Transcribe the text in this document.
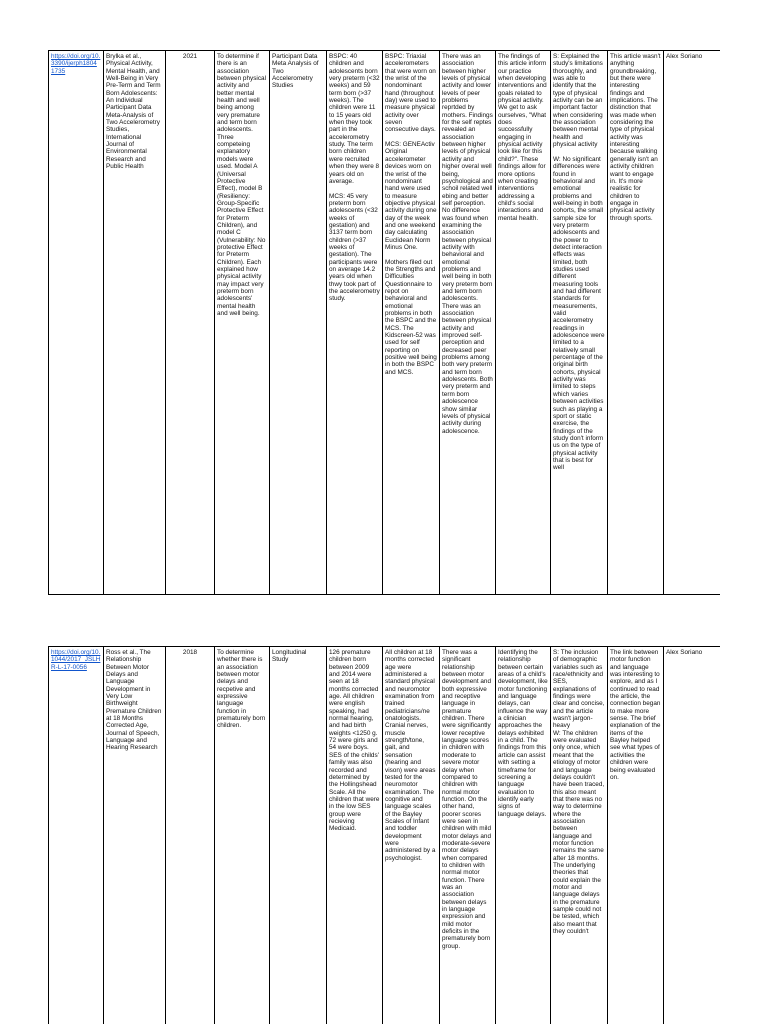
https://doi.org/10.3390/ijerph1804 1735	Brylka et al., Physical Activity, Mental Health, and Well-Being in Very Pre-Term and Term Born Adolescents: An Individual Participant Data Meta-Analysis of Two Accelerometry Studies, International Journal of Environmental Research and Public Health	2021	To determine if there is an association between physical activity and better mental health and well being among very premature and term born adolescents. Three competeing explanatory models were used. Model A (Universal Protective Effect), model B (Resiliency: Group-Specific Protective Effect for Preterm Children), and model C (Vulnerability: No protective Effect for Preterm Children). Each explained how physical activity may impact very preterm born adolescents' mental health and well being.	Participant Data Meta Analysis of Two Accelerometry Studies	BSPC: 40 children and adolescents born very preterm (<32 weeks) and 59 term born (>37 weeks). The children were 11 to 15 years old when they took part in the accelerometry study. The term born children were recruited when they were 8 years old on average.

MCS: 45 very preterm born adolescents (<32 weeks of gestation) and 3137 term born children (>37 weeks of gestation). The participants were on average 14.2 years old when thwy took part of the accelerometry study.	BSPC: Triaxial accelerometers that were worn on the wrist of the nondominant hand (throughout day) were used to measure physical activity over seven consecutive days.

MCS: GENEActiv Original accelerometer devices worn on the wrist of the nondominant hand were used to measure objective physical activity during one day of the week and one weekend day calculating Euclidean Norm Minus One.

Mothers filed out the Strengths and Difficulties Questionnaire to repot on behavioral and emotional problems in both the BSPC and the MCS. The Kidscreen-52 was used for self reporting on positive well being in both the BSPC and MCS.	There was an association between higher levels of physical activity and lower levels of peer problems reprtded by mothers. Findings for the self reptes revealed an association between higher levels of physical activity and higher overal well being, psychological and schoil related well ebing and better self perception. No difference was found when examining the association between physical activity with behavioral and emotional problems and well being in both very preterm born and term born adolescents. There was an association between physical activity and improved self-perception and decreased peer problems among both very preterm and term born adolescents. Both very preterm and term born adolescence show similar levels of physical activity during adolescence.	The findings of this article inform our practice when developing interventions and goals related to physical activity. We get to ask ourselves, "What does successfully engaging in physical activity look like for this child?". These findings allow for more options when creating interventions addressing a child's social interactions and mental health.	S: Explained the study's limitations thoroughly, and was able to identify that the type of physical activity can be an important factor when considering the association between mental health and physical activity

W: No significant differences were found in behavioral and emotional problems and well-being in both cohorts, the small sample size for very preterm adolescents and the power to detect interaction effects was limited, both studies used different measuring tools and had different standards for measurements, valid accelerometry readings in adolescence were limited to a relatively small percentage of the original birth cohorts, physical activity was limited to steps which varies between activities such as playing a sport or static exercise, the findings of the study don't inform us on the type of physical activity that is best for well	This article wasn't anything groundbreaking, but there were interesting findings and implications. The distinction that was made when considering the type of physical activity was interesting because walking generally isn't an activity children want to engage in. It's more realistic for children to engage in physical activity through sports.	Alex Soriano
https://doi.org/10.1044/2017_JSLHR-L-17-0056	Ross et al., The Relationship Between Motor Delays and Language Development in Very Low Birthweight Premature Children at 18 Months Corrected Age, Journal of Speech, Language and Hearing Research	2018	To determine whether there is an association between motor delays and recpetive and expressive language function in prematurely born children.	Longitudinal Study	126 premature children born between 2009 and 2014 were seen at 18 months corrected age. All children were english speaking, had normal hearing, and had birth weights <1250 g. 72 were girls and 54 were boys. SES of the childs' family was also recorded and determined by the Hollingshead Scale. All the children that were in the low SES group were recieving Medicaid.	All children at 18 months corrected age were administered a standard physical and neuromotor examination from trained pediatricians/ne onatologists. Cranial nerves, muscle strength/tone, gait, and sensation (hearing and vison) were areas tested for the neuromotor examination. The cognitive and language scales of the Bayley Scales of Infant and toddler development were administered by a psychologist.	There was a significant relationship between motor development and both expressive and receptive language in premature children. There were significantly lower receptive language scores in children with moderate to severe motor delay when compared to children with normal motor function. On the other hand, poorer scores were seen in children with mild motor delays and moderate-severe motor delays when compared to children with normal motor function. There was an association between delays in language expression and mild motor deficits in the prematurely born group.	Identifying the relationship between certain areas of a child's development, like motor functioning and language delays, can influence the way a clinician approaches the delays exhibited in a child. The findings from this article can assist with setting a timeframe for screening a language evaluation to identify early signs of language delays.	S: The inclusion of demographic variables such as race/ethnicity and SES, explanations of findings were clear and concise, and the article wasn't jargon-heavy
W: The children were evaluated only once, which meant that the etiology of motor and language delays couldn't have been traced, this also meant that there was no way to determine where the association between language and motor function remains the same after 18 months. The underlying theories that could explain the motor and language delays in the premature sample could not be tested, which also meant that they couldn't	The link between motor function and language was interesting to explore, and as I continued to read the article, the connection began to make more sense. The brief explanation of the items of the Bayley helped see what types of activities the children were being evaluated on.	Alex Soriano
